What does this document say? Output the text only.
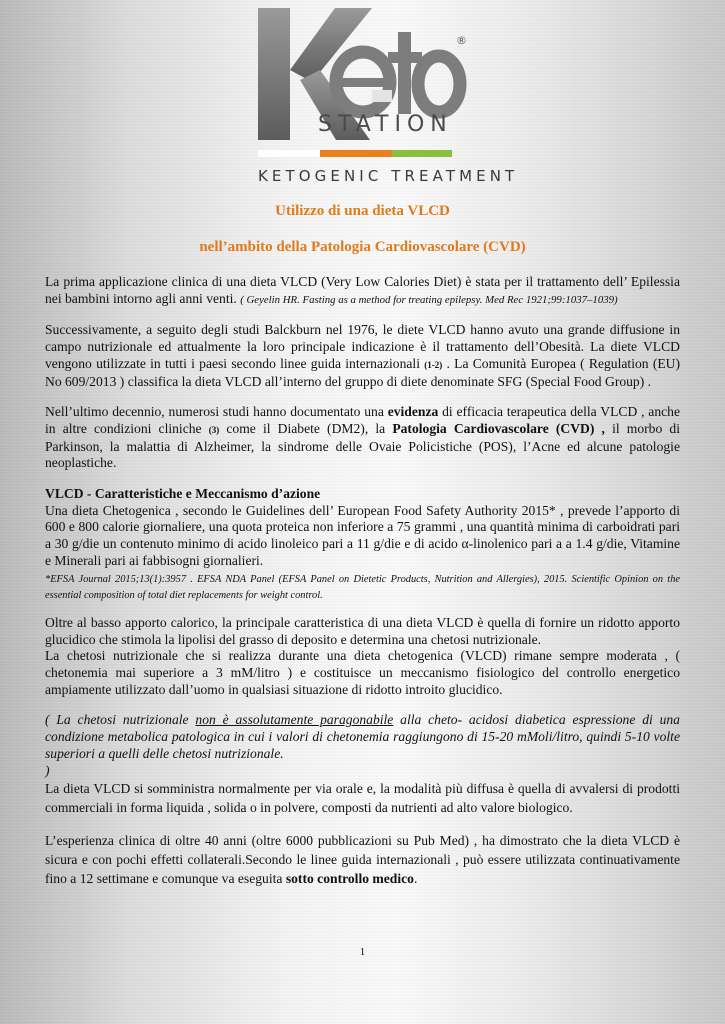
®
STATION
KETOGENIC TREATMENT
Utilizzo di una dieta VLCD
nell’ambito della Patologia Cardiovascolare (CVD)

La prima applicazione clinica di una dieta VLCD (Very Low Calories Diet) è stata per il trattamento dell’ Epilessia nei bambini intorno agli anni venti. ( Geyelin HR. Fasting as a method for treating epilepsy. Med Rec 1921;99:1037–1039)

Successivamente, a seguito degli studi Balckburn nel 1976, le diete VLCD hanno avuto una grande diffusione in campo nutrizionale ed attualmente la loro principale indicazione è il trattamento dell’Obesità. La diete VLCD vengono utilizzate in tutti i paesi secondo linee guida internazionali (1-2) . La Comunità Europea ( Regulation (EU) No 609/2013 ) classifica la dieta VLCD all’interno del gruppo di diete denominate SFG (Special Food Group) .

Nell’ultimo decennio, numerosi studi hanno documentato una evidenza di efficacia terapeutica della VLCD , anche in altre condizioni cliniche (3) come il Diabete (DM2), la Patologia Cardiovascolare (CVD) , il morbo di Parkinson, la malattia di Alzheimer, la sindrome delle Ovaie Policistiche (POS), l’Acne ed alcune patologie neoplastiche.

VLCD - Caratteristiche e Meccanismo d’azione
Una dieta Chetogenica , secondo le Guidelines dell’ European Food Safety Authority 2015* , prevede l’apporto di 600 e 800 calorie giornaliere, una quota proteica non inferiore a 75 grammi , una quantità minima di carboidrati pari a 30 g/die un contenuto minimo di acido linoleico pari a 11 g/die e di acido α-linolenico pari a a 1.4 g/die, Vitamine e Minerali pari ai fabbisogni giornalieri.
*EFSA Journal 2015;13(1):3957 . EFSA NDA Panel (EFSA Panel on Dietetic Products, Nutrition and Allergies), 2015. Scientific Opinion on the essential composition of total diet replacements for weight control.

Oltre al basso apporto calorico, la principale caratteristica di una dieta VLCD è quella di fornire un ridotto apporto glucidico che stimola la lipolisi del grasso di deposito e determina una chetosi nutrizionale.
La chetosi nutrizionale che si realizza durante una dieta chetogenica (VLCD) rimane sempre moderata , ( chetonemia mai superiore a 3 mM/litro ) e costituisce un meccanismo fisiologico del controllo energetico ampiamente utilizzato dall’uomo in qualsiasi situazione di ridotto introito glucidico.

( La chetosi nutrizionale non è assolutamente paragonabile alla cheto- acidosi diabetica espressione di una condizione metabolica patologica in cui i valori di chetonemia raggiungono di 15-20 mMoli/litro, quindi 5-10 volte superiori a quelli delle chetosi nutrizionale.
)

La dieta VLCD si somministra normalmente per via orale e, la modalità più diffusa è quella di avvalersi di prodotti commerciali in forma liquida , solida o in polvere, composti da nutrienti ad alto valore biologico.

L’esperienza clinica di oltre 40 anni (oltre 6000 pubblicazioni su Pub Med) , ha dimostrato che la dieta VLCD è sicura e con pochi effetti collaterali.Secondo le linee guida internazionali , può essere utilizzata continuativamente fino a 12 settimane e comunque va eseguita sotto controllo medico.

1
